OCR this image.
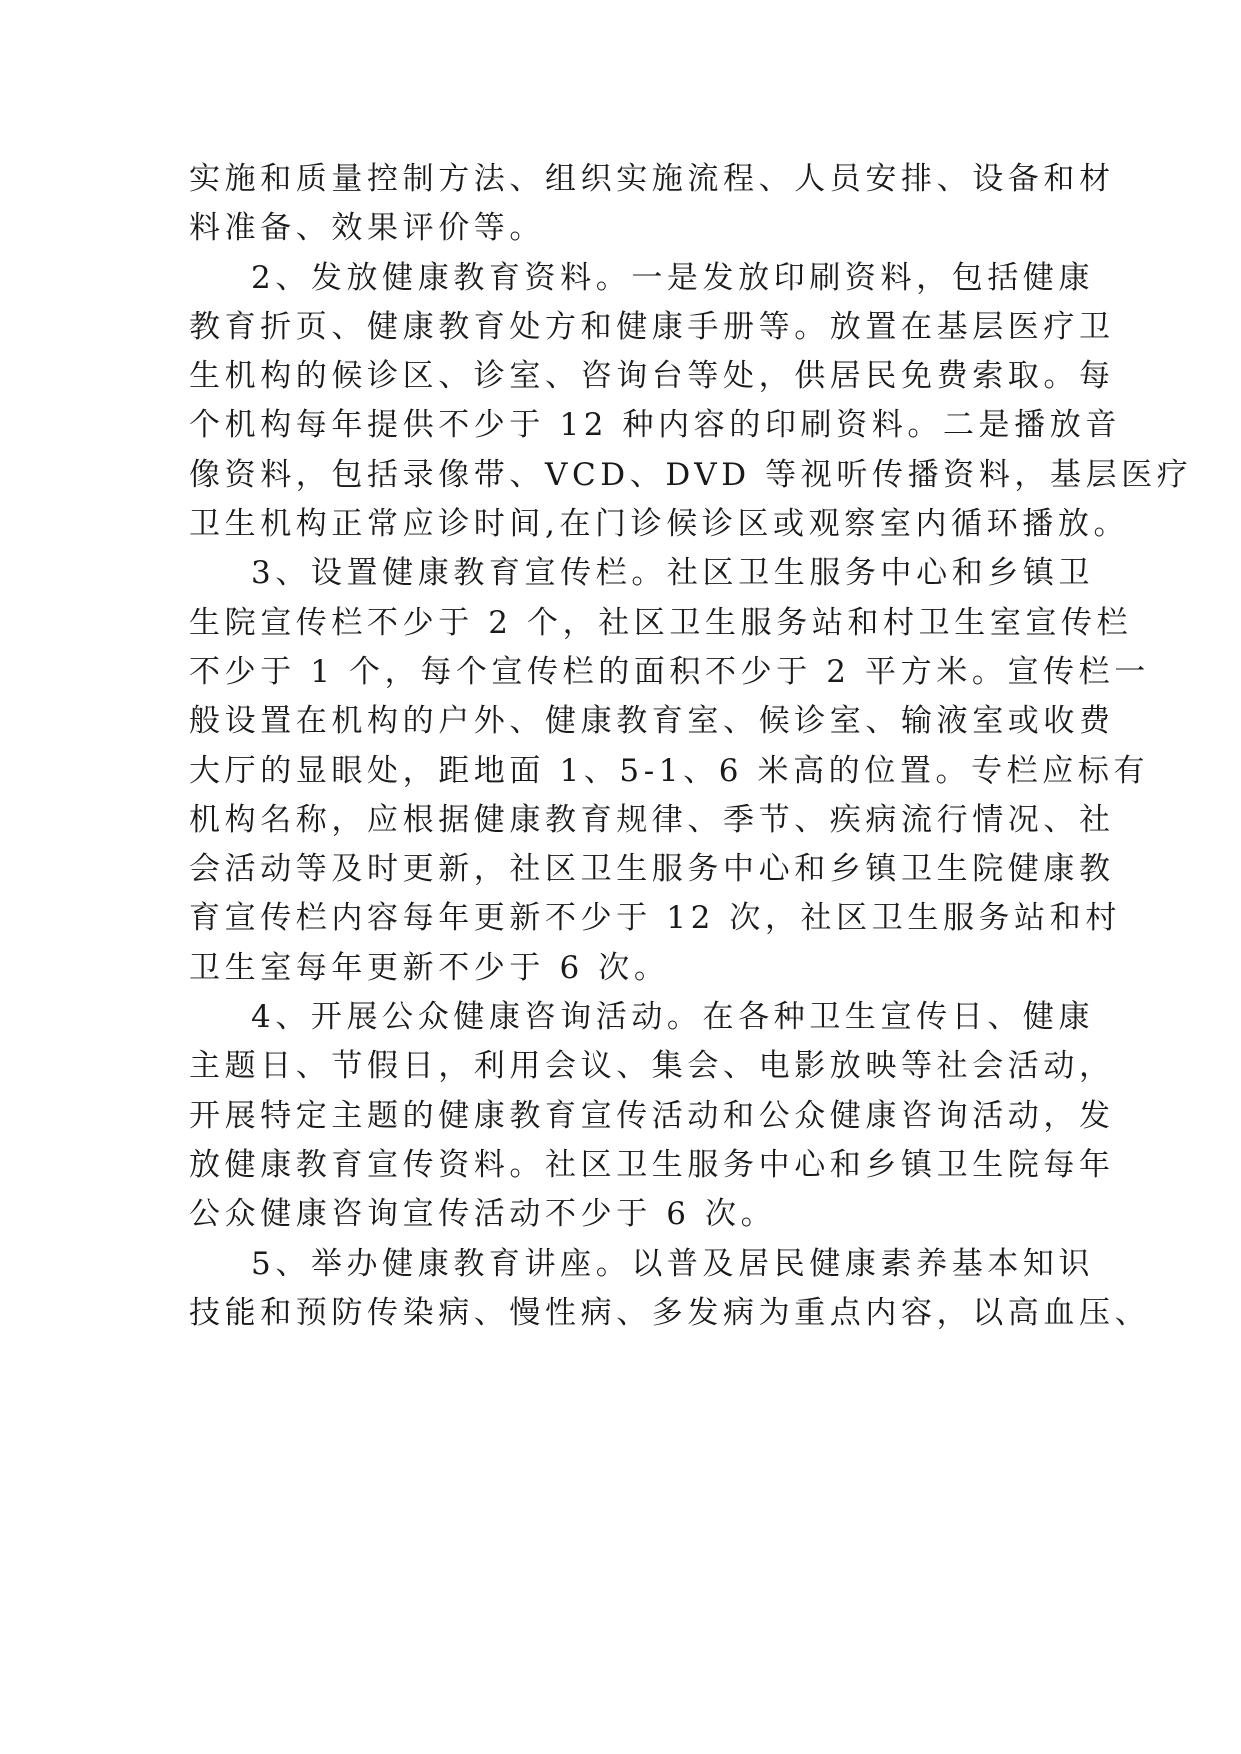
实施和质量控制方法、组织实施流程、人员安排、设备和材
料准备、效果评价等。
2、发放健康教育资料。一是发放印刷资料，包括健康
教育折页、健康教育处方和健康手册等。放置在基层医疗卫
生机构的候诊区、诊室、咨询台等处，供居民免费索取。每
个机构每年提供不少于 12 种内容的印刷资料。二是播放音
像资料，包括录像带、VCD、DVD 等视听传播资料，基层医疗
卫生机构正常应诊时间,在门诊候诊区或观察室内循环播放。
3、设置健康教育宣传栏。社区卫生服务中心和乡镇卫
生院宣传栏不少于 2 个，社区卫生服务站和村卫生室宣传栏
不少于 1 个，每个宣传栏的面积不少于 2 平方米。宣传栏一
般设置在机构的户外、健康教育室、候诊室、输液室或收费
大厅的显眼处，距地面 1、5-1、6 米高的位置。专栏应标有
机构名称，应根据健康教育规律、季节、疾病流行情况、社
会活动等及时更新，社区卫生服务中心和乡镇卫生院健康教
育宣传栏内容每年更新不少于 12 次，社区卫生服务站和村
卫生室每年更新不少于 6 次。
4、开展公众健康咨询活动。在各种卫生宣传日、健康
主题日、节假日，利用会议、集会、电影放映等社会活动，
开展特定主题的健康教育宣传活动和公众健康咨询活动，发
放健康教育宣传资料。社区卫生服务中心和乡镇卫生院每年
公众健康咨询宣传活动不少于 6 次。
5、举办健康教育讲座。以普及居民健康素养基本知识
技能和预防传染病、慢性病、多发病为重点内容，以高血压、
